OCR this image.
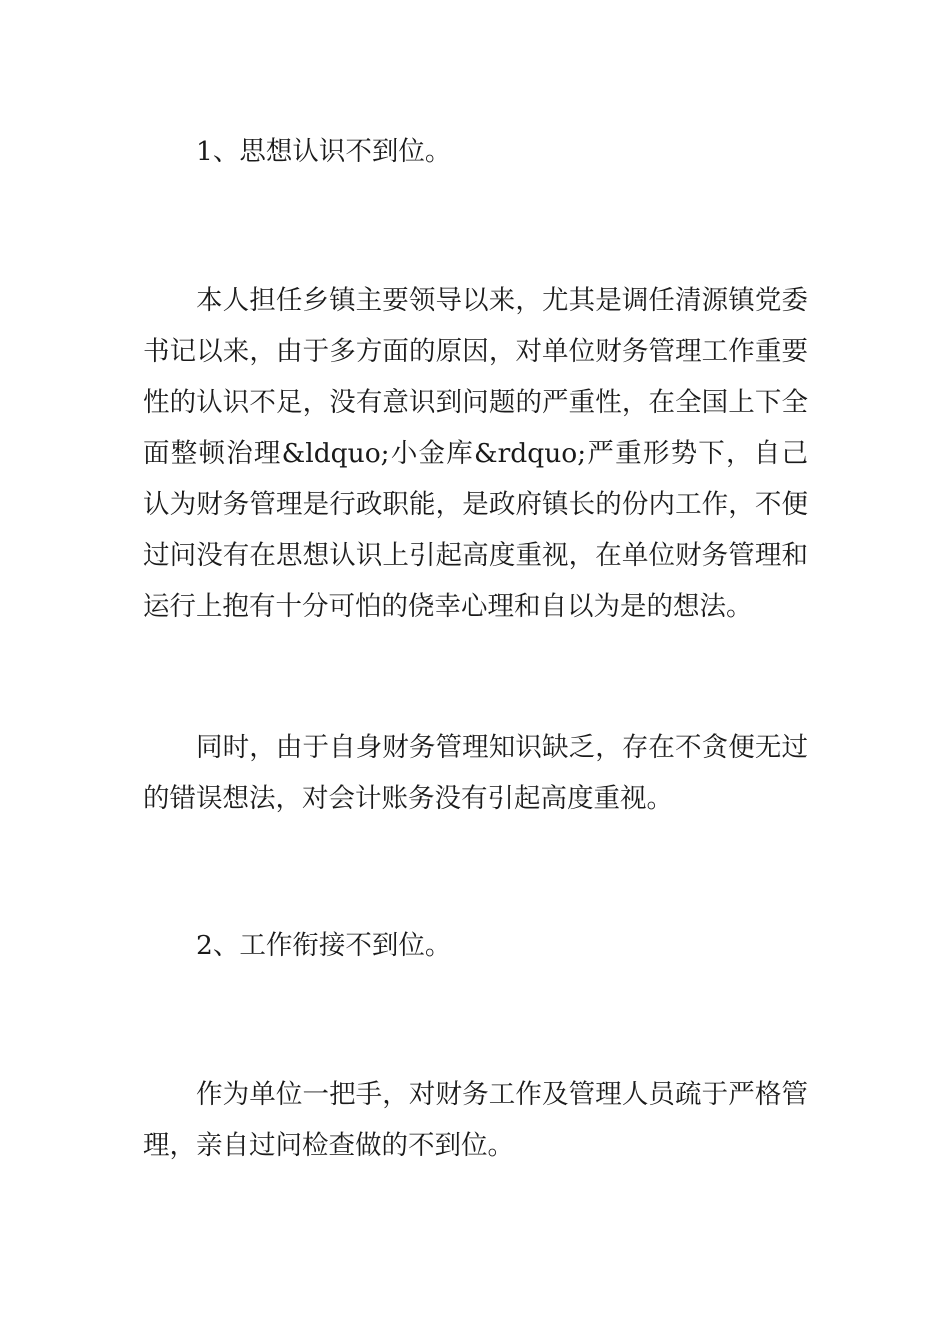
1、思想认识不到位。

本人担任乡镇主要领导以来，尤其是调任清源镇党委书记以来，由于多方面的原因，对单位财务管理工作重要性的认识不足，没有意识到问题的严重性，在全国上下全面整顿治理&ldquo;小金库&rdquo;严重形势下，自己认为财务管理是行政职能，是政府镇长的份内工作，不便过问没有在思想认识上引起高度重视，在单位财务管理和运行上抱有十分可怕的侥幸心理和自以为是的想法。

同时，由于自身财务管理知识缺乏，存在不贪便无过的错误想法，对会计账务没有引起高度重视。

2、工作衔接不到位。

作为单位一把手，对财务工作及管理人员疏于严格管理，亲自过问检查做的不到位。
